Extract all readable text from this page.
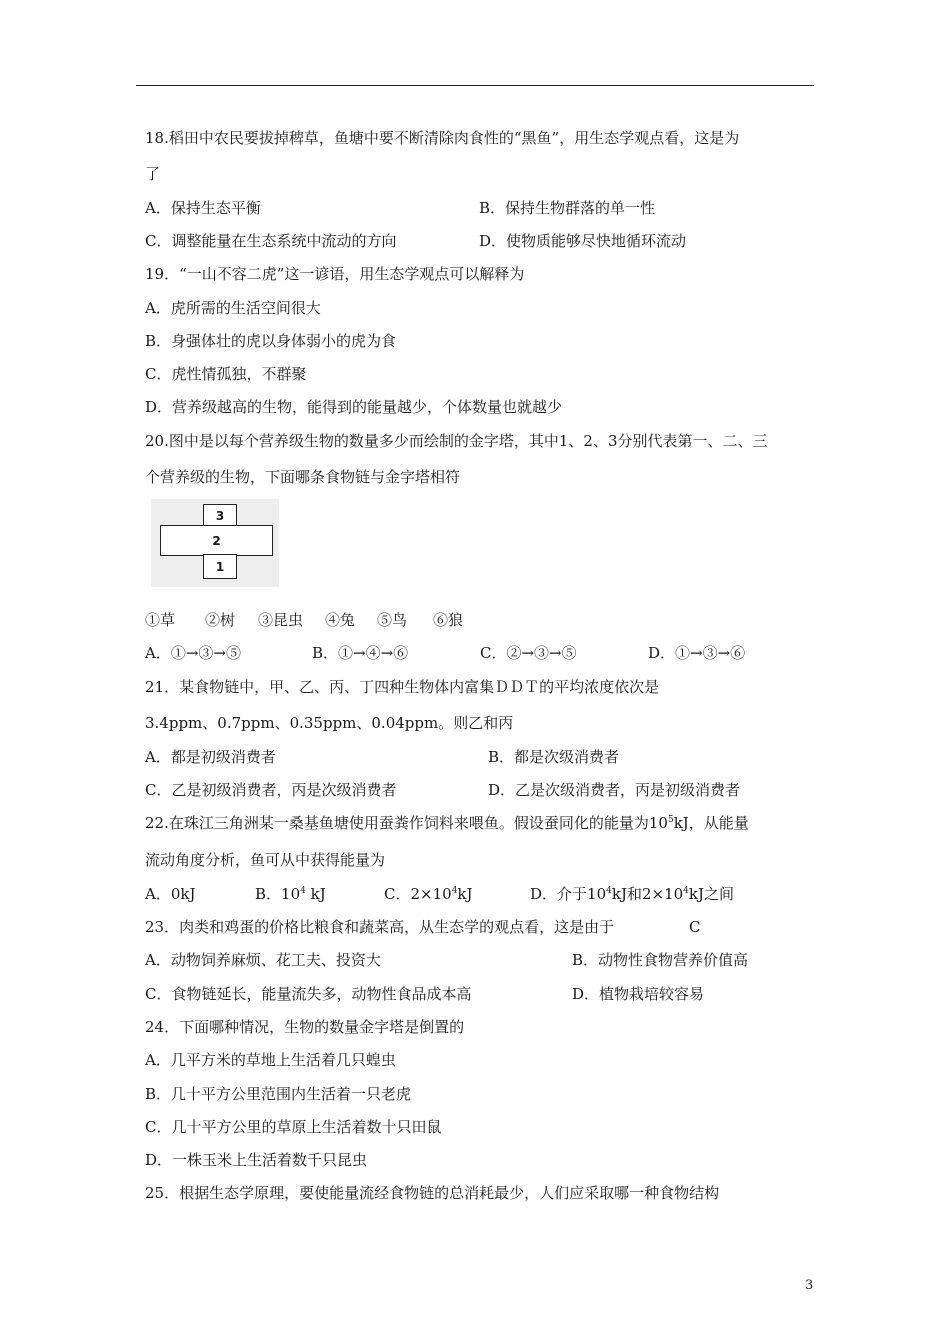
18.稻田中农民要拔掉稗草，鱼塘中要不断清除肉食性的“黑鱼”，用生态学观点看，这是为
了
A．保持生态平衡	B．保持生物群落的单一性
C．调整能量在生态系统中流动的方向	D．使物质能够尽快地循环流动
19．“一山不容二虎”这一谚语，用生态学观点可以解释为
A．虎所需的生活空间很大
B．身强体壮的虎以身体弱小的虎为食
C．虎性情孤独，不群聚
D．营养级越高的生物，能得到的能量越少，个体数量也就越少
20.图中是以每个营养级生物的数量多少而绘制的金字塔，其中1、2、3分别代表第一、二、三
个营养级的生物，下面哪条食物链与金字塔相符
3
2
1
①草 ②树 ③昆虫 ④兔 ⑤鸟 ⑥狼
A．①→③→⑤	B．①→④→⑥	C．②→③→⑤	D．①→③→⑥
21．某食物链中，甲、乙、丙、丁四种生物体内富集ＤＤＴ的平均浓度依次是
3.4ppm、0.7ppm、0.35ppm、0.04ppm。则乙和丙
A．都是初级消费者	B．都是次级消费者
C．乙是初级消费者，丙是次级消费者	D．乙是次级消费者，丙是初级消费者
22.在珠江三角洲某一桑基鱼塘使用蚕粪作饲料来喂鱼。假设蚕同化的能量为$10^5kJ$，从能量
流动角度分析，鱼可从中获得能量为
A．0kJ	B．$10^4$ kJ	C．$2\times 10^4kJ$	D．介于$10^4kJ$和$2\times 10^4kJ$之间
23．肉类和鸡蛋的价格比粮食和蔬菜高，从生态学的观点看，这是由于	C
A．动物饲养麻烦、花工夫、投资大	B．动物性食物营养价值高
C．食物链延长，能量流失多，动物性食品成本高	D．植物栽培较容易
24．下面哪种情况，生物的数量金字塔是倒置的
A．几平方米的草地上生活着几只蝗虫
B．几十平方公里范围内生活着一只老虎
C．几十平方公里的草原上生活着数十只田鼠
D．一株玉米上生活着数千只昆虫
25．根据生态学原理，要使能量流经食物链的总消耗最少，人们应采取哪一种食物结构
3
